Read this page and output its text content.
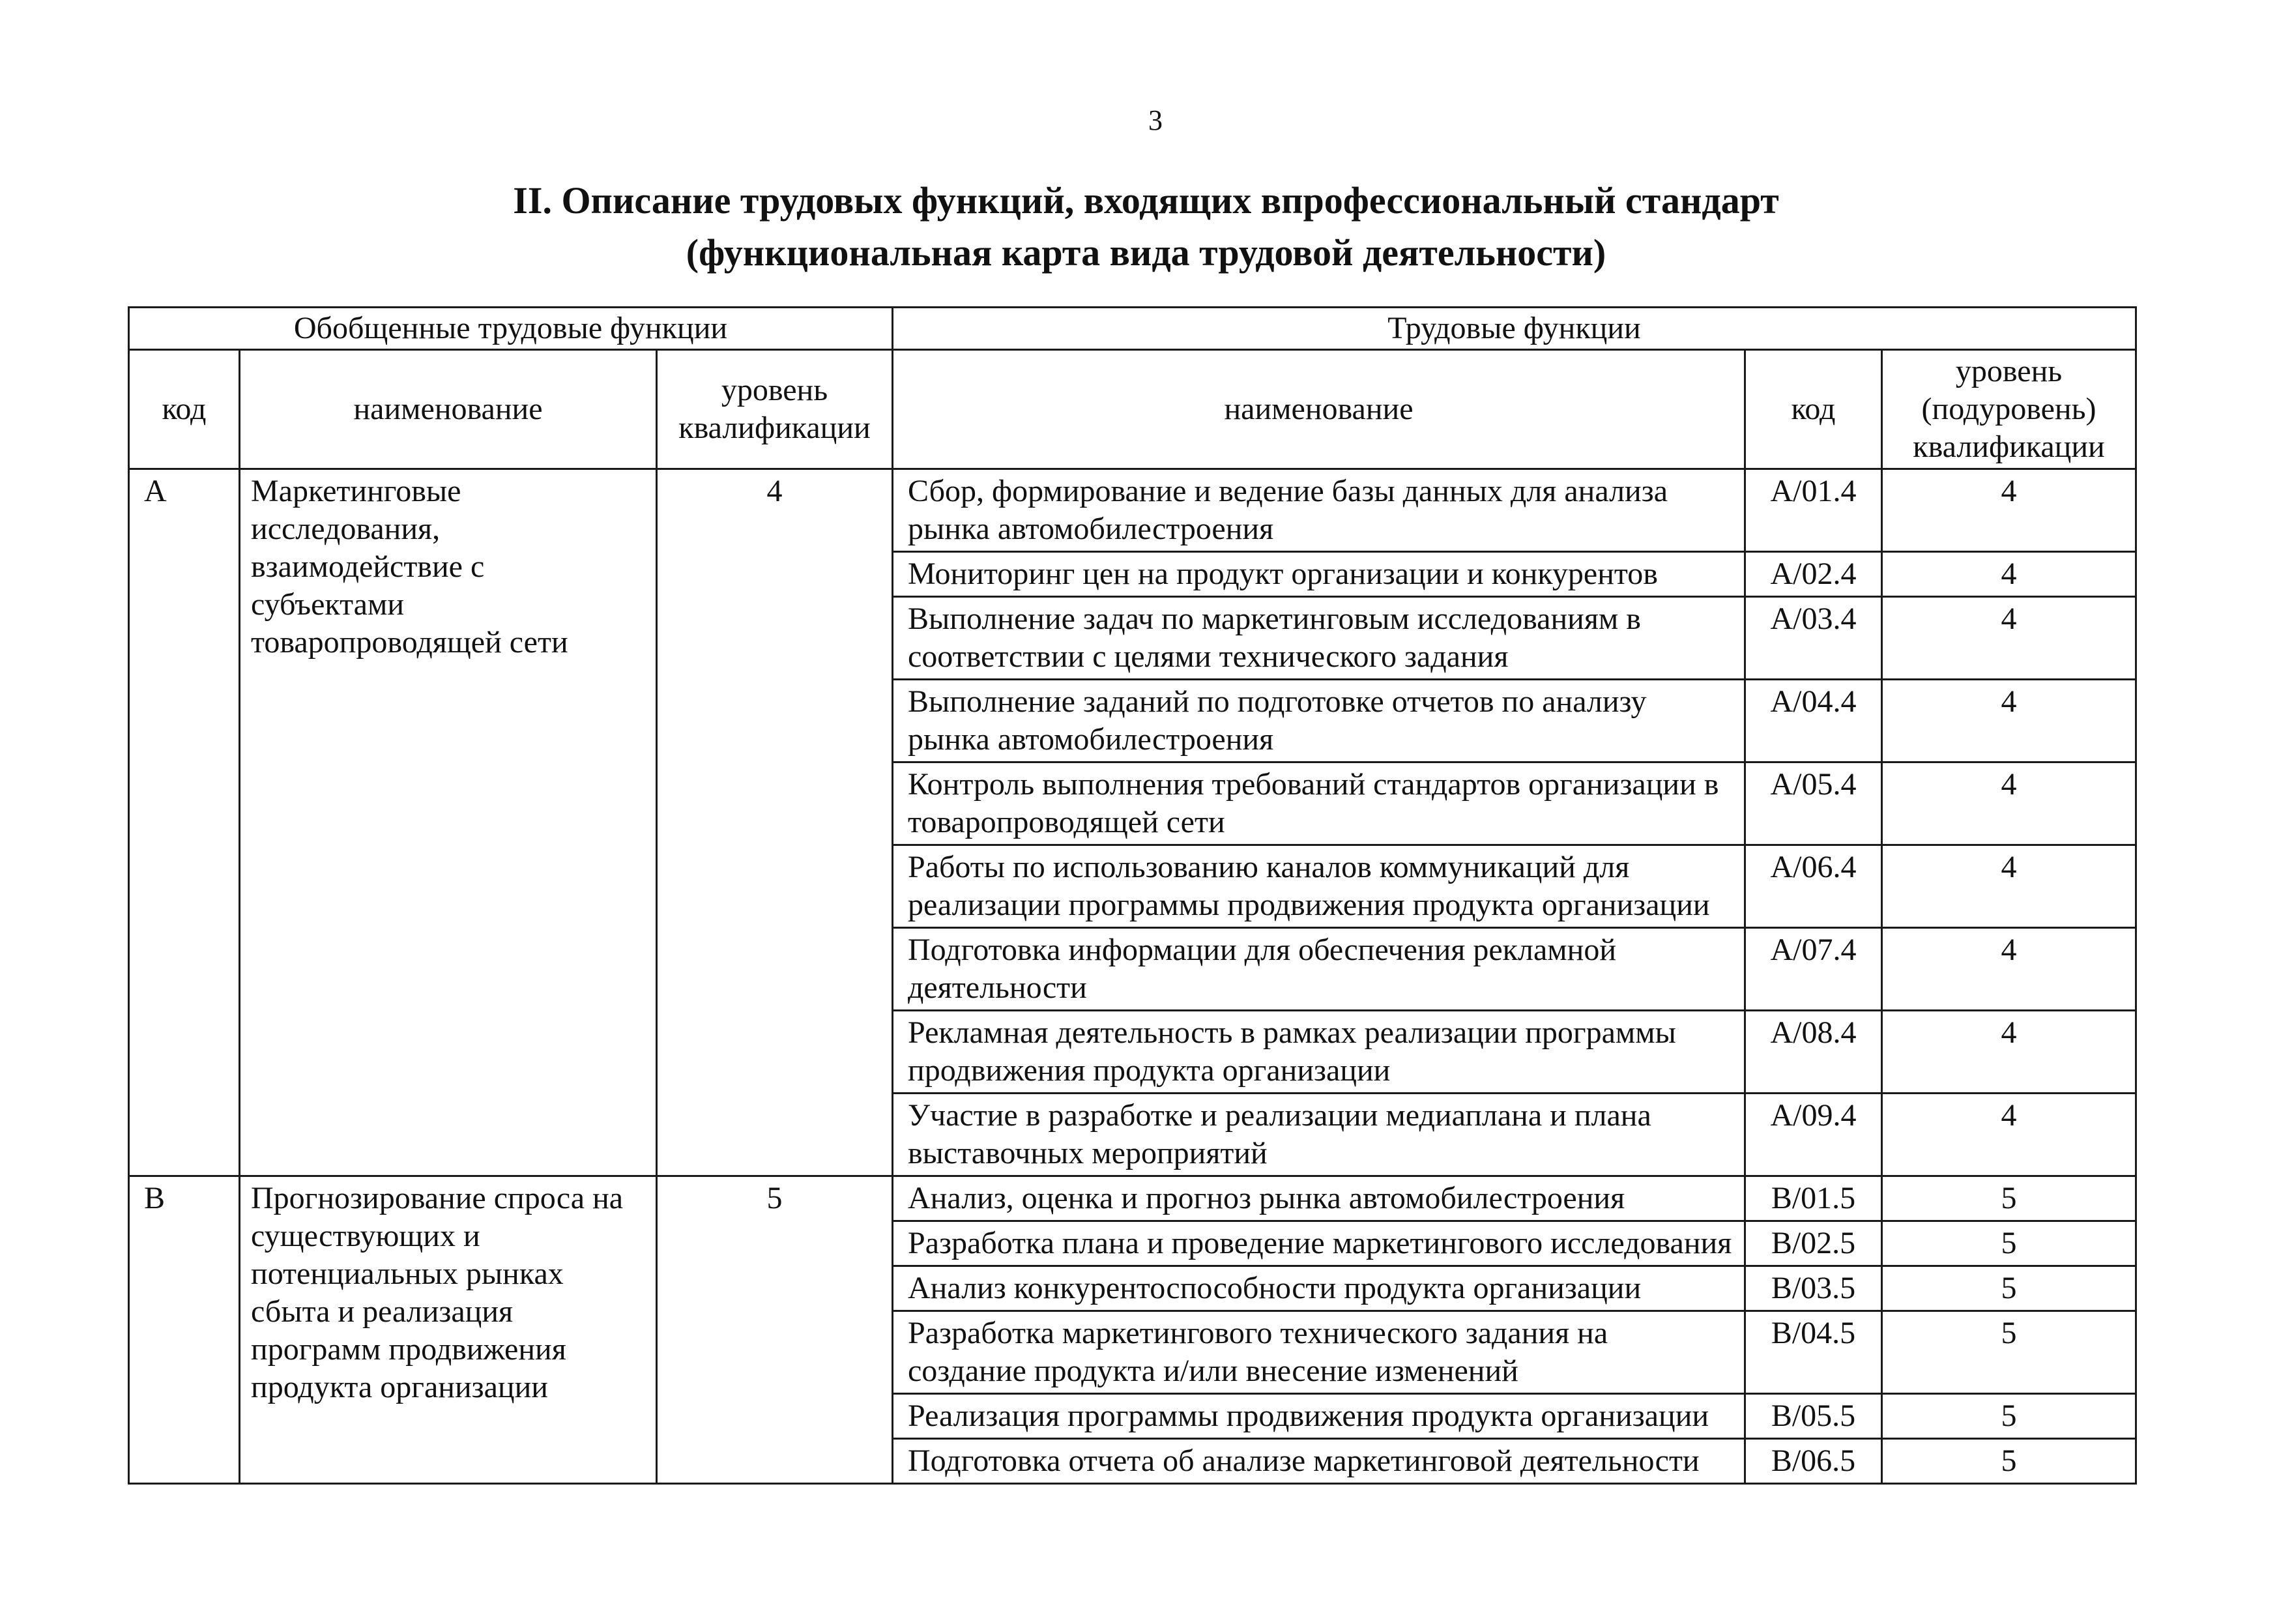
3
II. Описание трудовых функций, входящих впрофессиональный стандарт
(функциональная карта вида трудовой деятельности)
Обобщенные трудовые функции			Трудовые функции		
код	наименование	уровень квалификации	наименование	код	уровень (подуровень) квалификации
A	Маркетинговые исследования, взаимодействие с субъектами товаропроводящей сети	4	Сбор, формирование и ведение базы данных для анализа рынка автомобилестроения	A/01.4	4
			Мониторинг цен на продукт организации и конкурентов	A/02.4	4
			Выполнение задач по маркетинговым исследованиям в соответствии с целями технического задания	A/03.4	4
			Выполнение заданий по подготовке отчетов по анализу рынка автомобилестроения	A/04.4	4
			Контроль выполнения требований стандартов организации в товаропроводящей сети	A/05.4	4
			Работы по использованию каналов коммуникаций для реализации программы продвижения продукта организации	A/06.4	4
			Подготовка информации для обеспечения рекламной деятельности	A/07.4	4
			Рекламная деятельность в рамках реализации программы продвижения продукта организации	A/08.4	4
			Участие в разработке и реализации медиаплана и плана выставочных мероприятий	A/09.4	4
B	Прогнозирование спроса на существующих и потенциальных рынках сбыта и реализация программ продвижения продукта организации	5	Анализ, оценка и прогноз рынка автомобилестроения	B/01.5	5
			Разработка плана и проведение маркетингового исследования	B/02.5	5
			Анализ конкурентоспособности продукта организации	B/03.5	5
			Разработка маркетингового технического задания на создание продукта и/или внесение изменений	B/04.5	5
			Реализация программы продвижения продукта организации	B/05.5	5
			Подготовка отчета об анализе маркетинговой деятельности	B/06.5	5
